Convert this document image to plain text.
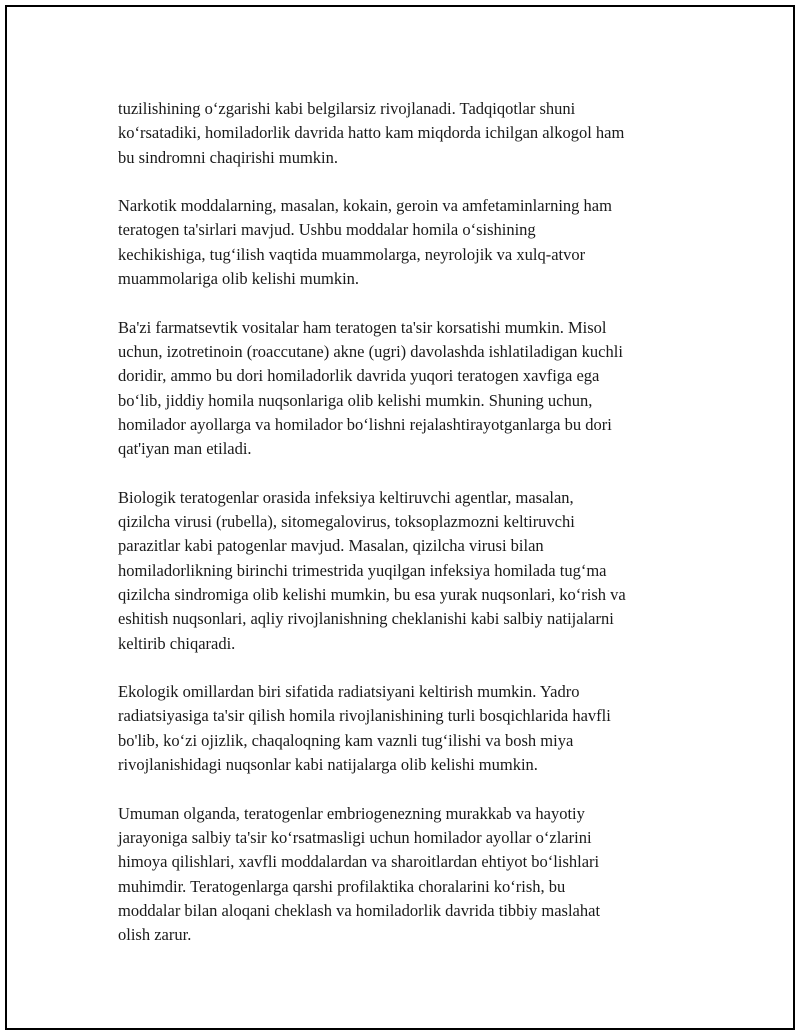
tuzilishining o‘zgarishi kabi belgilarsiz rivojlanadi. Tadqiqotlar shuni
ko‘rsatadiki, homiladorlik davrida hatto kam miqdorda ichilgan alkogol ham
bu sindromni chaqirishi mumkin.

Narkotik moddalarning, masalan, kokain, geroin va amfetaminlarning ham
teratogen ta'sirlari mavjud. Ushbu moddalar homila o‘sishining
kechikishiga, tug‘ilish vaqtida muammolarga, neyrolojik va xulq-atvor
muammolariga olib kelishi mumkin.

Ba'zi farmatsevtik vositalar ham teratogen ta'sir korsatishi mumkin. Misol
uchun, izotretinoin (roaccutane) akne (ugri) davolashda ishlatiladigan kuchli
doridir, ammo bu dori homiladorlik davrida yuqori teratogen xavfiga ega
bo‘lib, jiddiy homila nuqsonlariga olib kelishi mumkin. Shuning uchun,
homilador ayollarga va homilador bo‘lishni rejalashtirayotganlarga bu dori
qat'iyan man etiladi.

Biologik teratogenlar orasida infeksiya keltiruvchi agentlar, masalan,
qizilcha virusi (rubella), sitomegalovirus, toksoplazmozni keltiruvchi
parazitlar kabi patogenlar mavjud. Masalan, qizilcha virusi bilan
homiladorlikning birinchi trimestrida yuqilgan infeksiya homilada tug‘ma
qizilcha sindromiga olib kelishi mumkin, bu esa yurak nuqsonlari, ko‘rish va
eshitish nuqsonlari, aqliy rivojlanishning cheklanishi kabi salbiy natijalarni
keltirib chiqaradi.

Ekologik omillardan biri sifatida radiatsiyani keltirish mumkin. Yadro
radiatsiyasiga ta'sir qilish homila rivojlanishining turli bosqichlarida havfli
bo'lib, ko‘zi ojizlik, chaqaloqning kam vaznli tug‘ilishi va bosh miya
rivojlanishidagi nuqsonlar kabi natijalarga olib kelishi mumkin.

Umuman olganda, teratogenlar embriogenezning murakkab va hayotiy
jarayoniga salbiy ta'sir ko‘rsatmasligi uchun homilador ayollar o‘zlarini
himoya qilishlari, xavfli moddalardan va sharoitlardan ehtiyot bo‘lishlari
muhimdir. Teratogenlarga qarshi profilaktika choralarini ko‘rish, bu
moddalar bilan aloqani cheklash va homiladorlik davrida tibbiy maslahat
olish zarur.
